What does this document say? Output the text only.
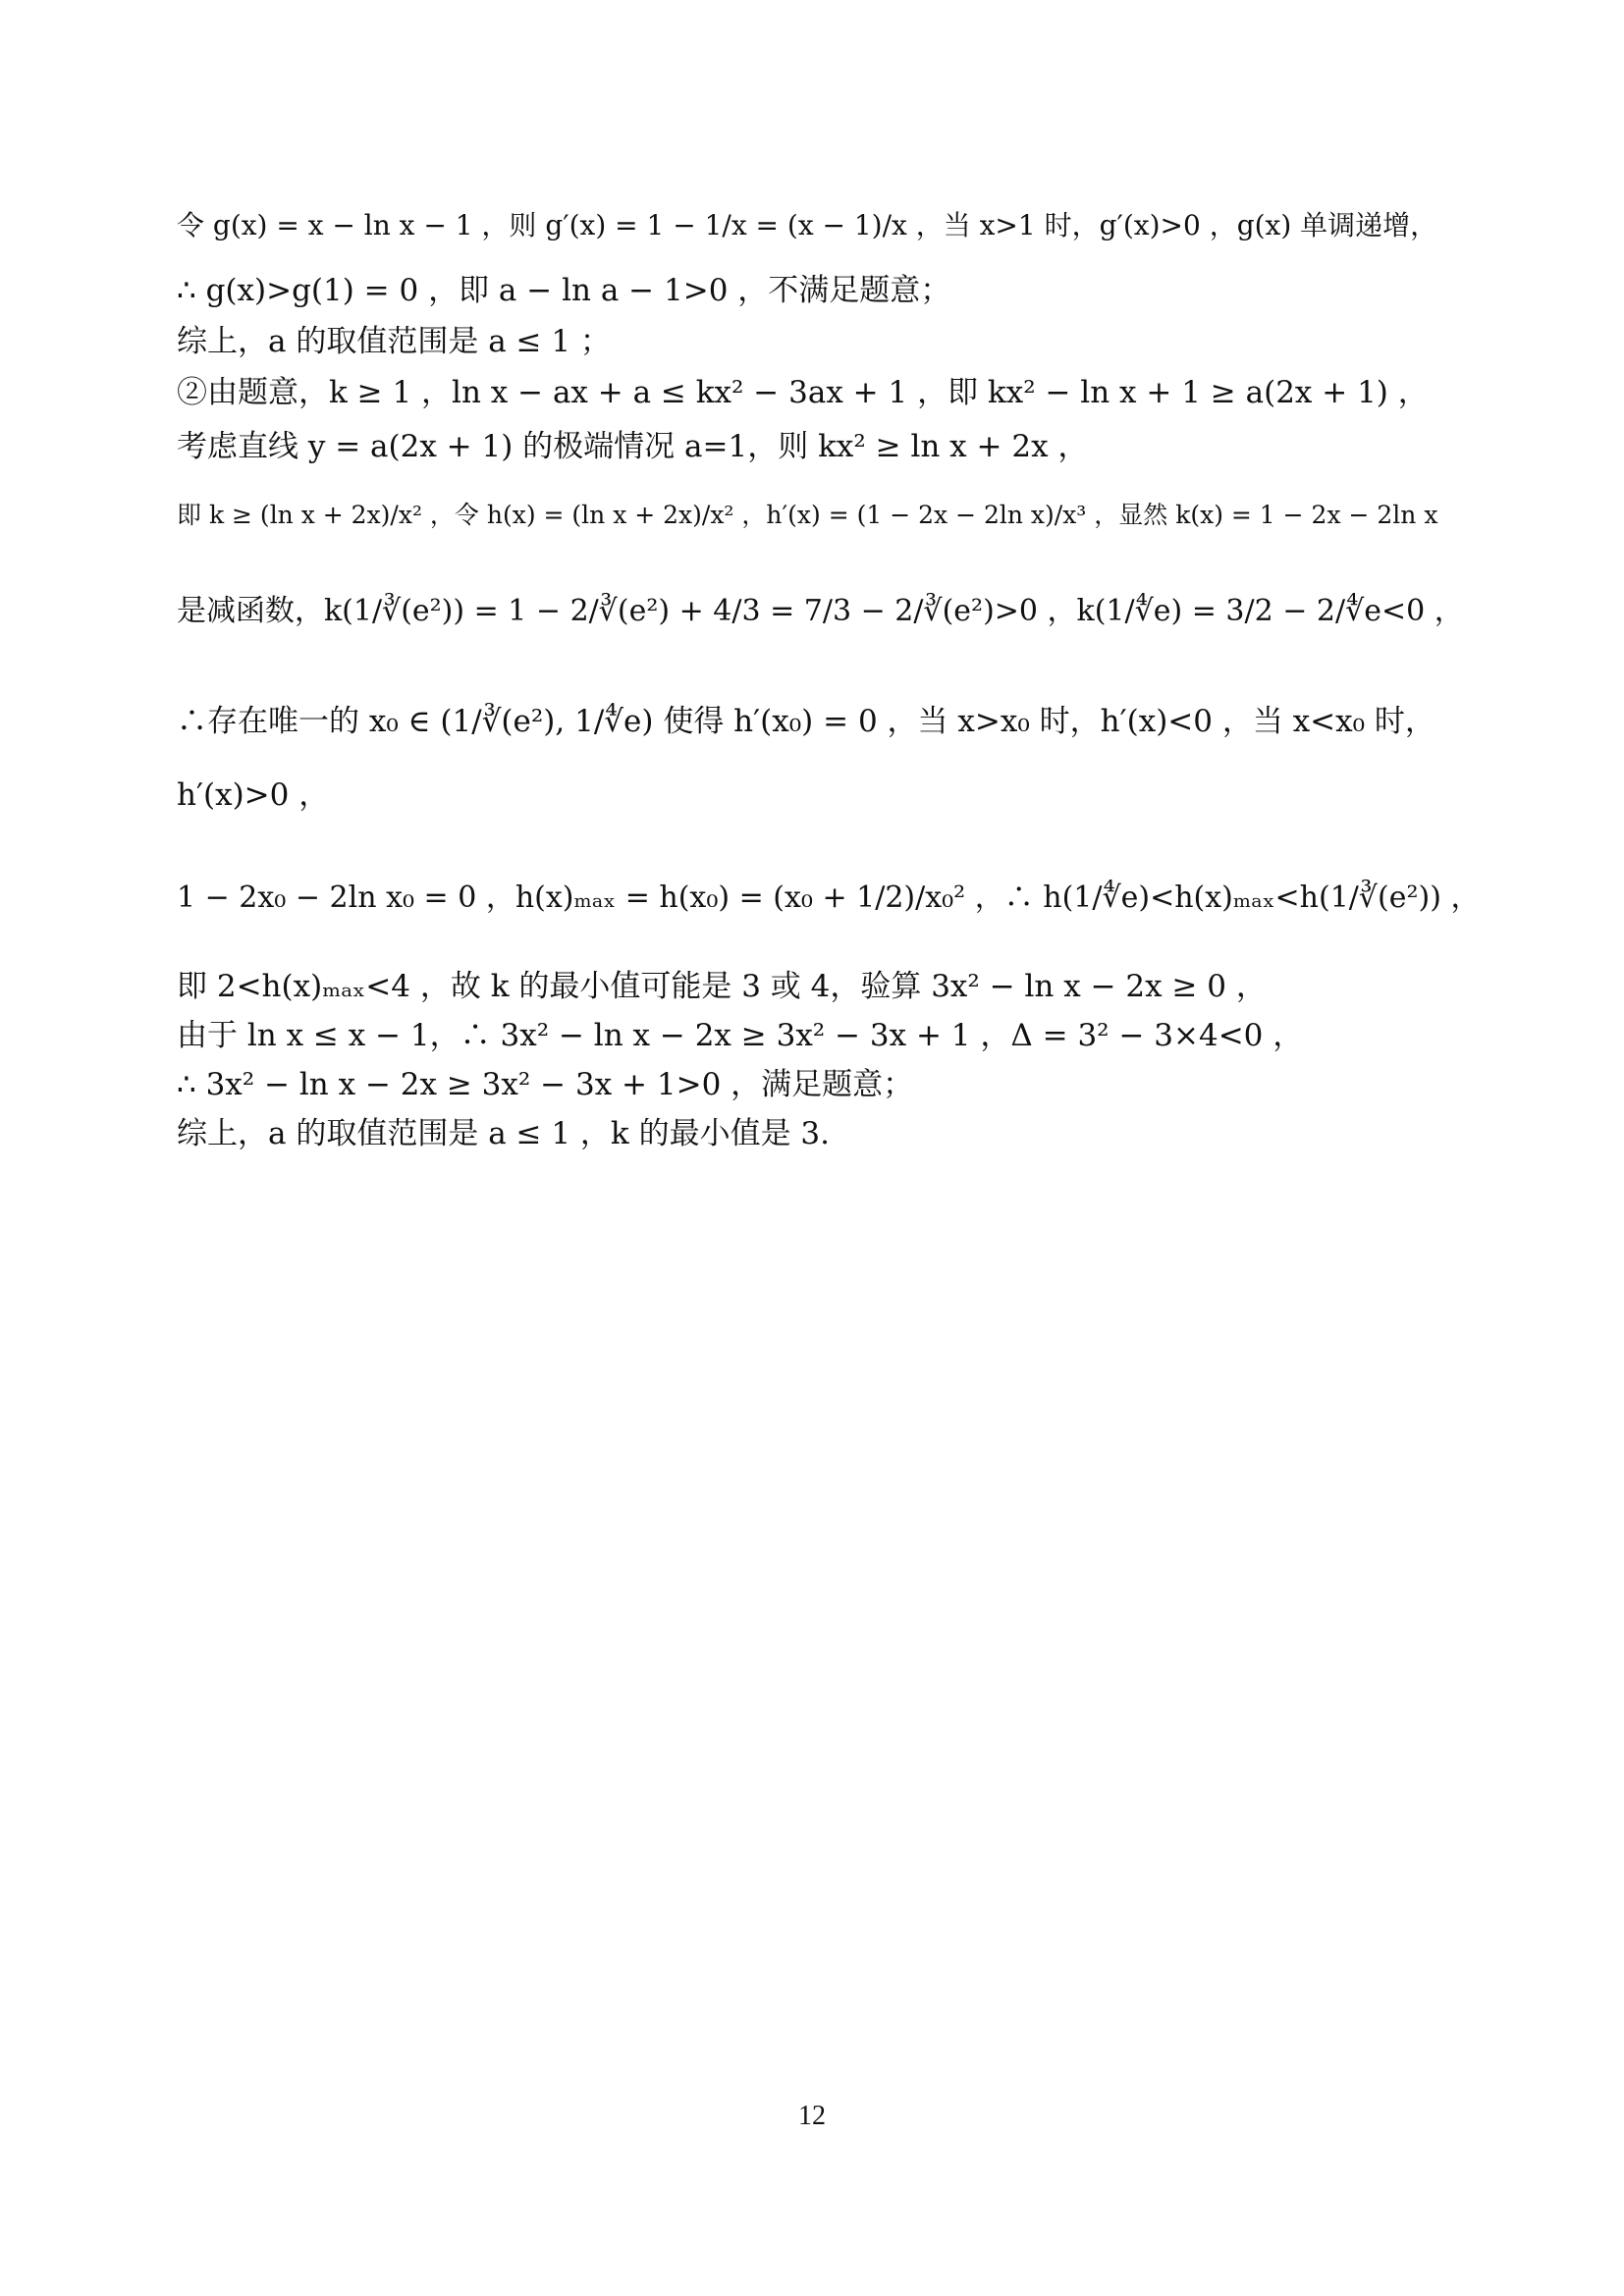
令 g(x) = x − ln x − 1 ，则 g′(x) = 1 − 1/x = (x − 1)/x ，当 x>1 时，g′(x)>0 ，g(x) 单调递增，
∴ g(x)>g(1) = 0 ，即 a − ln a − 1>0 ，不满足题意；
综上，a 的取值范围是 a ≤ 1 ；
②由题意，k ≥ 1 ，ln x − ax + a ≤ kx² − 3ax + 1 ，即 kx² − ln x + 1 ≥ a(2x + 1) ，
考虑直线 y = a(2x + 1) 的极端情况 a=1，则 kx² ≥ ln x + 2x ，
即 k ≥ (ln x + 2x)/x² ，令 h(x) = (ln x + 2x)/x² ，h′(x) = (1 − 2x − 2ln x)/x³ ，显然 k(x) = 1 − 2x − 2ln x
是减函数，k(1/∛(e²)) = 1 − 2/∛(e²) + 4/3 = 7/3 − 2/∛(e²)>0 ，k(1/∜e) = 3/2 − 2/∜e<0 ，
∴存在唯一的 x₀ ∈ (1/∛(e²), 1/∜e) 使得 h′(x₀) = 0 ，当 x>x₀ 时，h′(x)<0 ，当 x<x₀ 时，
h′(x)>0 ，
1 − 2x₀ − 2ln x₀ = 0 ，h(x)ₘₐₓ = h(x₀) = (x₀ + 1/2)/x₀² ，∴ h(1/∜e)<h(x)ₘₐₓ<h(1/∛(e²)) ，
即 2<h(x)ₘₐₓ<4 ，故 k 的最小值可能是 3 或 4，验算 3x² − ln x − 2x ≥ 0 ，
由于 ln x ≤ x − 1，∴ 3x² − ln x − 2x ≥ 3x² − 3x + 1 ，Δ = 3² − 3×4<0 ，
∴ 3x² − ln x − 2x ≥ 3x² − 3x + 1>0 ，满足题意；
综上，a 的取值范围是 a ≤ 1 ，k 的最小值是 3.
12
